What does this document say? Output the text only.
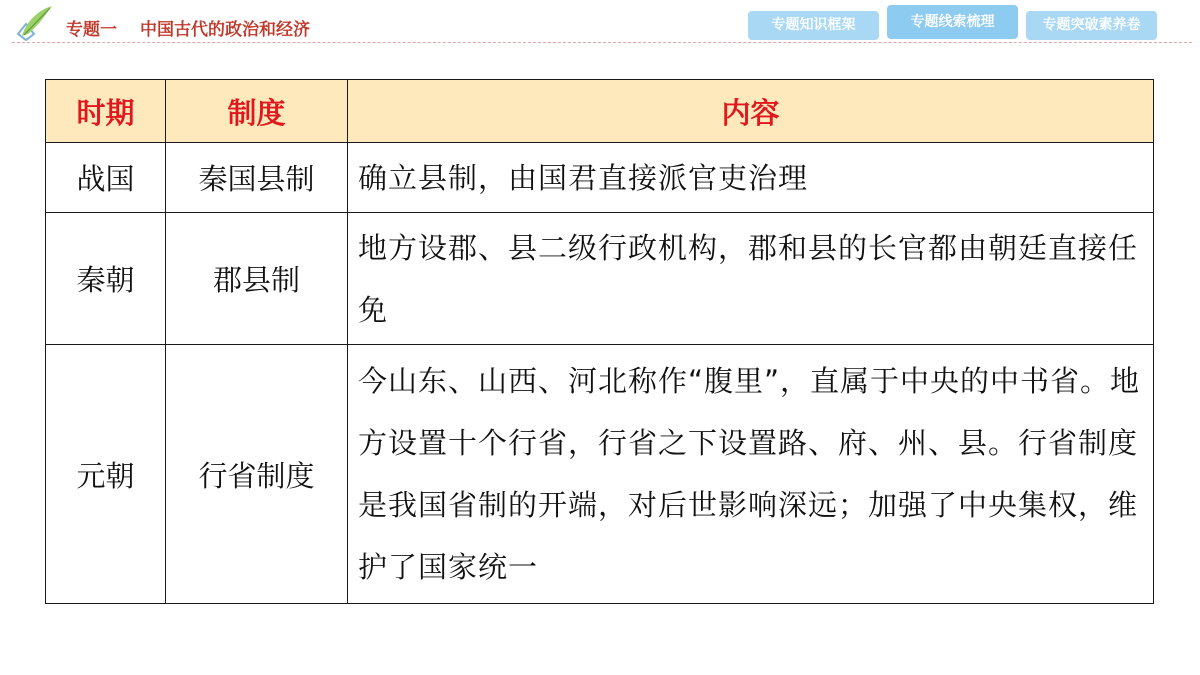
专题一 中国古代的政治和经济	专题知识框架	专题线索梳理	专题突破素养卷
时期	制度	内容
战国	秦国县制	确立县制，由国君直接派官吏治理
秦朝	郡县制	地方设郡、县二级行政机构，郡和县的长官都由朝廷直接任免
元朝	行省制度	今山东、山西、河北称作“腹里”，直属于中央的中书省。地方设置十个行省，行省之下设置路、府、州、县。行省制度是我国省制的开端，对后世影响深远；加强了中央集权，维护了国家统一
